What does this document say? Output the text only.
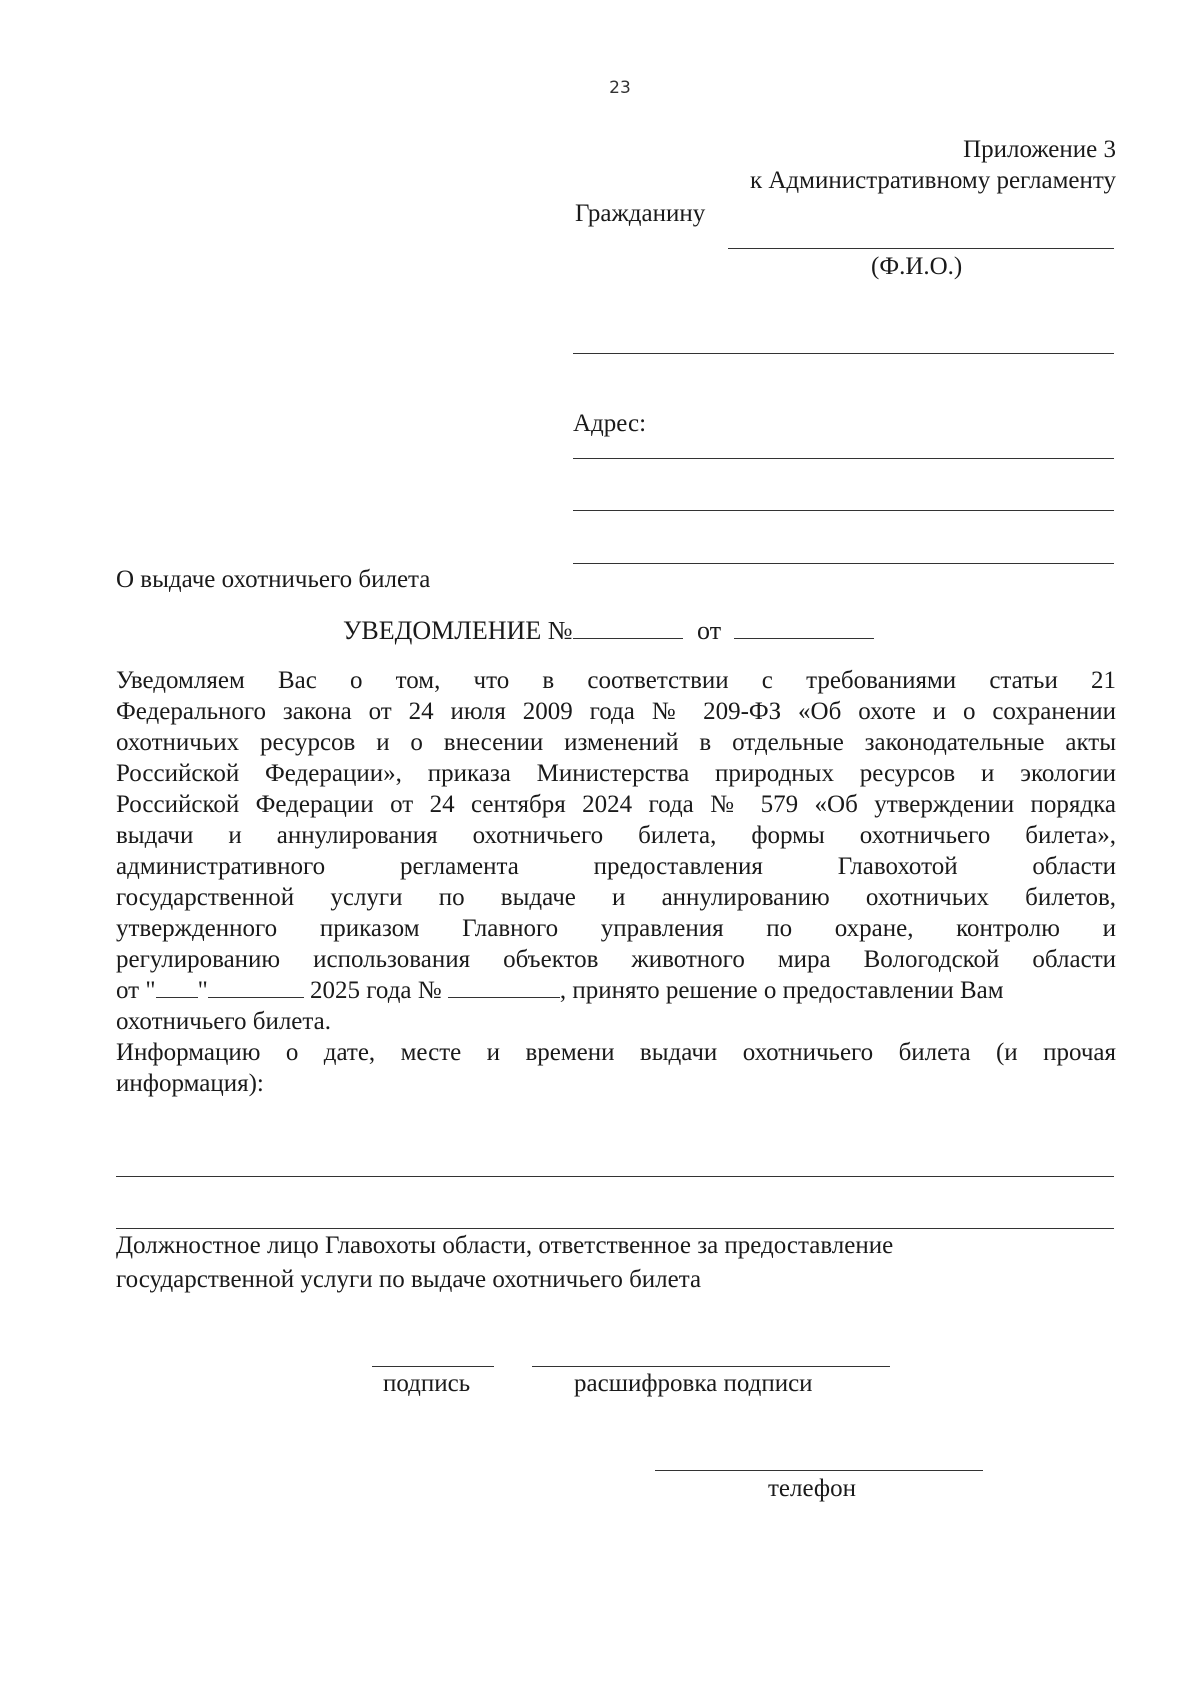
23
Приложение 3
к Административному регламенту
Гражданину
(Ф.И.О.)
Адрес:
О выдаче охотничьего билета
УВЕДОМЛЕНИЕ №	от
Уведомляем Вас о том, что в соответствии с требованиями статьи 21
Федерального закона от 24 июля 2009 года № 209-ФЗ «Об охоте и о сохранении
охотничьих ресурсов и о внесении изменений в отдельные законодательные акты
Российской Федерации», приказа Министерства природных ресурсов и экологии
Российской Федерации от 24 сентября 2024 года № 579 «Об утверждении порядка
выдачи и аннулирования охотничьего билета, формы охотничьего билета»,
административного регламента предоставления Главохотой области
государственной услуги по выдаче и аннулированию охотничьих билетов,
утвержденного приказом Главного управления по охране, контролю и
регулированию использования объектов животного мира Вологодской области
от " "	2025 года №	, принято решение о предоставлении Вам
охотничьего билета.
Информацию о дате, месте и времени выдачи охотничьего билета (и прочая
информация):
Должностное лицо Главохоты области, ответственное за предоставление
государственной услуги по выдаче охотничьего билета
подпись	расшифровка подписи
телефон
